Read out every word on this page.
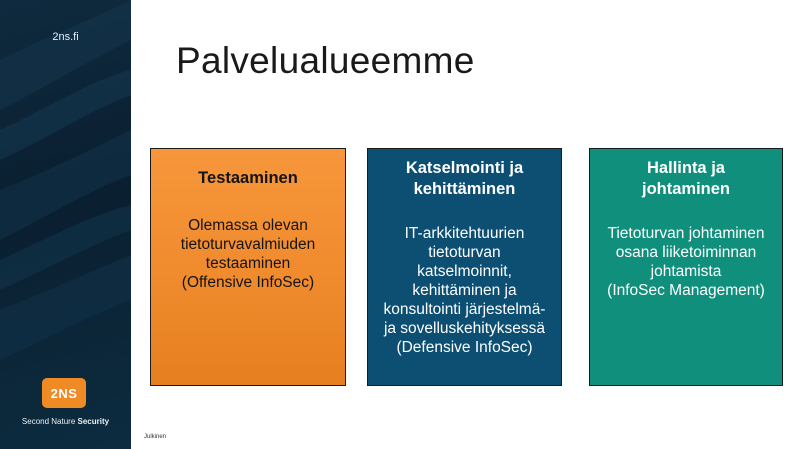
2ns.fi
2NS
Second Nature Security
Palvelualueemme
Testaaminen
Olemassa olevan
tietoturvavalmiuden
testaaminen
(Offensive InfoSec)
Katselmointi ja
kehittäminen
IT-arkkitehtuurien
tietoturvan
katselmoinnit,
kehittäminen ja
konsultointi järjestelmä-
ja sovelluskehityksessä
(Defensive InfoSec)
Hallinta ja
johtaminen
Tietoturvan johtaminen
osana liiketoiminnan
johtamista
(InfoSec Management)
Julkinen
